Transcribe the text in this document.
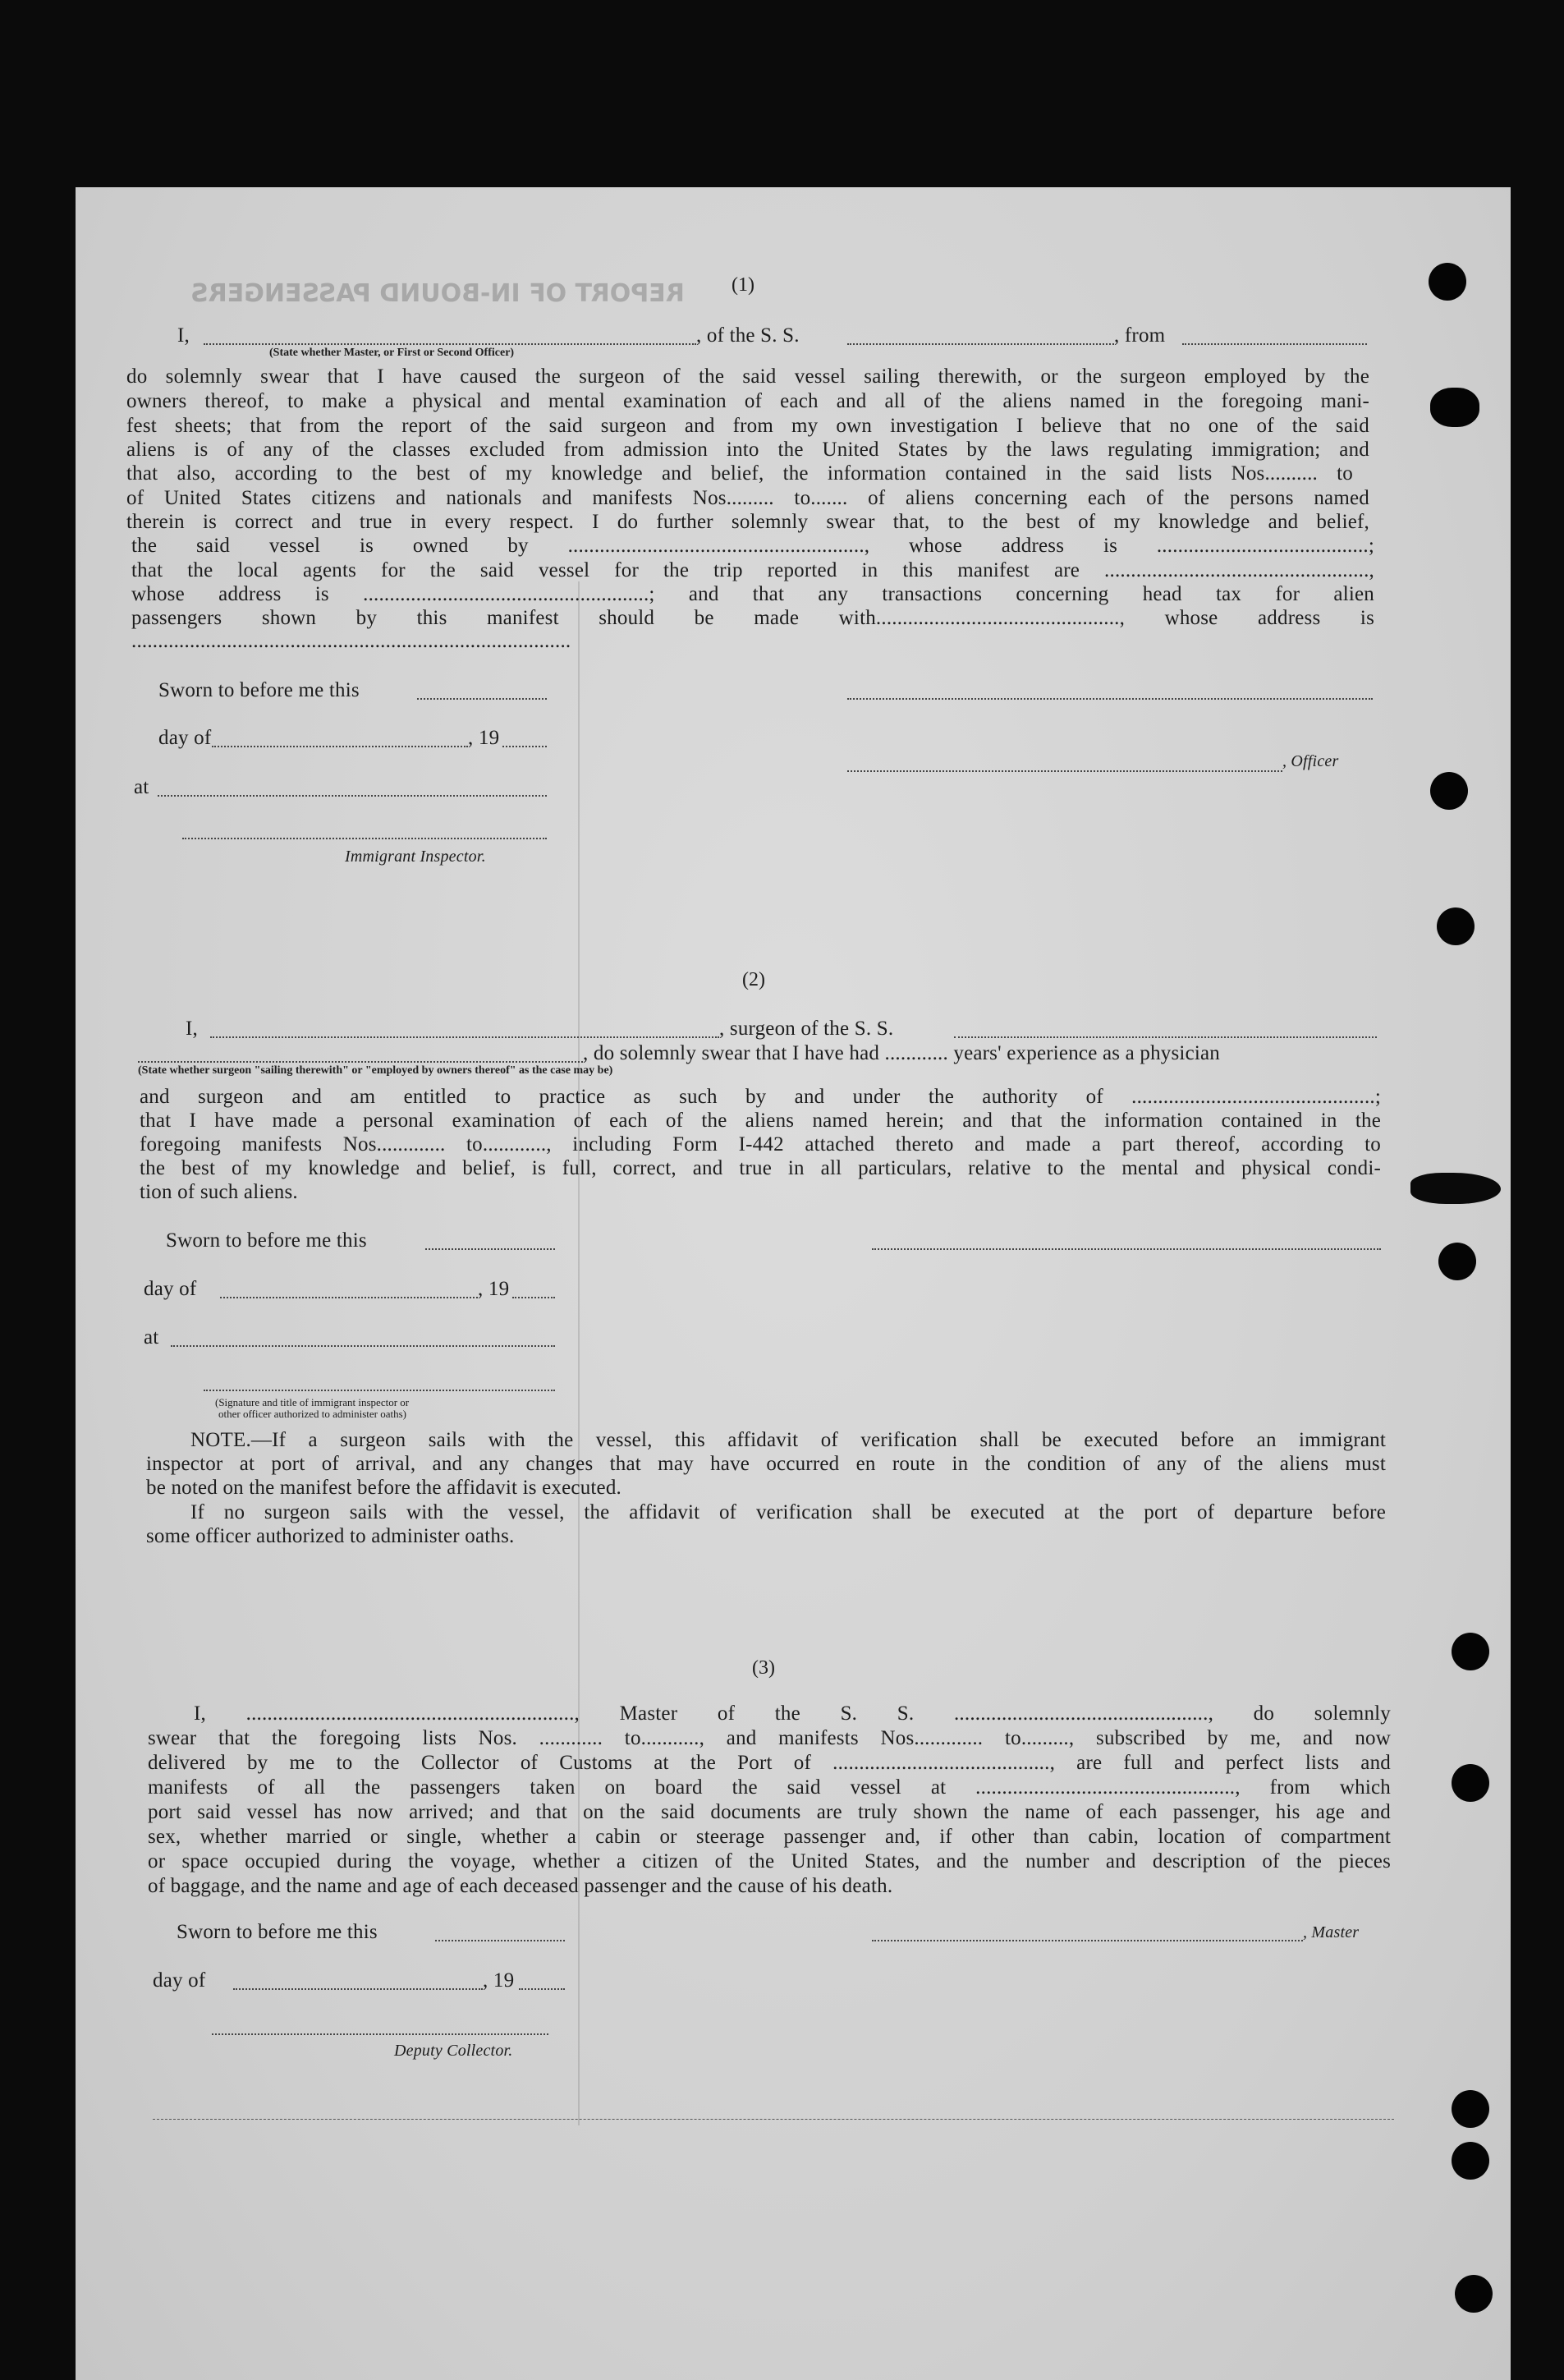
REPORT OF IN-BOUND PASSENGERS	(1)
I,	, of the S. S.	, from
(State whether Master, or First or Second Officer)
do solemnly swear that I have caused the surgeon of the said vessel sailing therewith, or the surgeon employed by the
owners thereof, to make a physical and mental examination of each and all of the aliens named in the foregoing mani-
fest sheets; that from the report of the said surgeon and from my own investigation I believe that no one of the said
aliens is of any of the classes excluded from admission into the United States by the laws regulating immigration; and
that also, according to the best of my knowledge and belief, the information contained in the said lists Nos.......... to
of United States citizens and nationals and manifests Nos......... to....... of aliens concerning each of the persons named
therein is correct and true in every respect. I do further solemnly swear that, to the best of my knowledge and belief,
the said vessel is owned by ........................................................, whose address is ........................................;
that the local agents for the said vessel for the trip reported in this manifest are ..................................................,
whose address is ......................................................; and that any transactions concerning head tax for alien
passengers shown by this manifest should be made with.............................................., whose address is
...................................................................................
Sworn to before me this
day of	, 19
at
Immigrant Inspector.
, Officer
(2)
I,	, surgeon of the S. S.
, do solemnly swear that I have had ............ years' experience as a physician
(State whether surgeon "sailing therewith" or "employed by owners thereof" as the case may be)
and surgeon and am entitled to practice as such by and under the authority of ..............................................;
that I have made a personal examination of each of the aliens named herein; and that the information contained in the
foregoing manifests Nos............. to............, including Form I-442 attached thereto and made a part thereof, according to
the best of my knowledge and belief, is full, correct, and true in all particulars, relative to the mental and physical condi-
tion of such aliens.
Sworn to before me this
day of	, 19
at
(Signature and title of immigrant inspector or
other officer authorized to administer oaths)
NOTE.—If a surgeon sails with the vessel, this affidavit of verification shall be executed before an immigrant
inspector at port of arrival, and any changes that may have occurred en route in the condition of any of the aliens must
be noted on the manifest before the affidavit is executed.
If no surgeon sails with the vessel, the affidavit of verification shall be executed at the port of departure before
some officer authorized to administer oaths.
(3)
I, .............................................................., Master of the S. S. ................................................, do solemnly
swear that the foregoing lists Nos. ............ to..........., and manifests Nos............. to........., subscribed by me, and now
delivered by me to the Collector of Customs at the Port of ........................................., are full and perfect lists and
manifests of all the passengers taken on board the said vessel at ................................................., from which
port said vessel has now arrived; and that on the said documents are truly shown the name of each passenger, his age and
sex, whether married or single, whether a cabin or steerage passenger and, if other than cabin, location of compartment
or space occupied during the voyage, whether a citizen of the United States, and the number and description of the pieces
of baggage, and the name and age of each deceased passenger and the cause of his death.
Sworn to before me this	, Master
day of	, 19
Deputy Collector.
